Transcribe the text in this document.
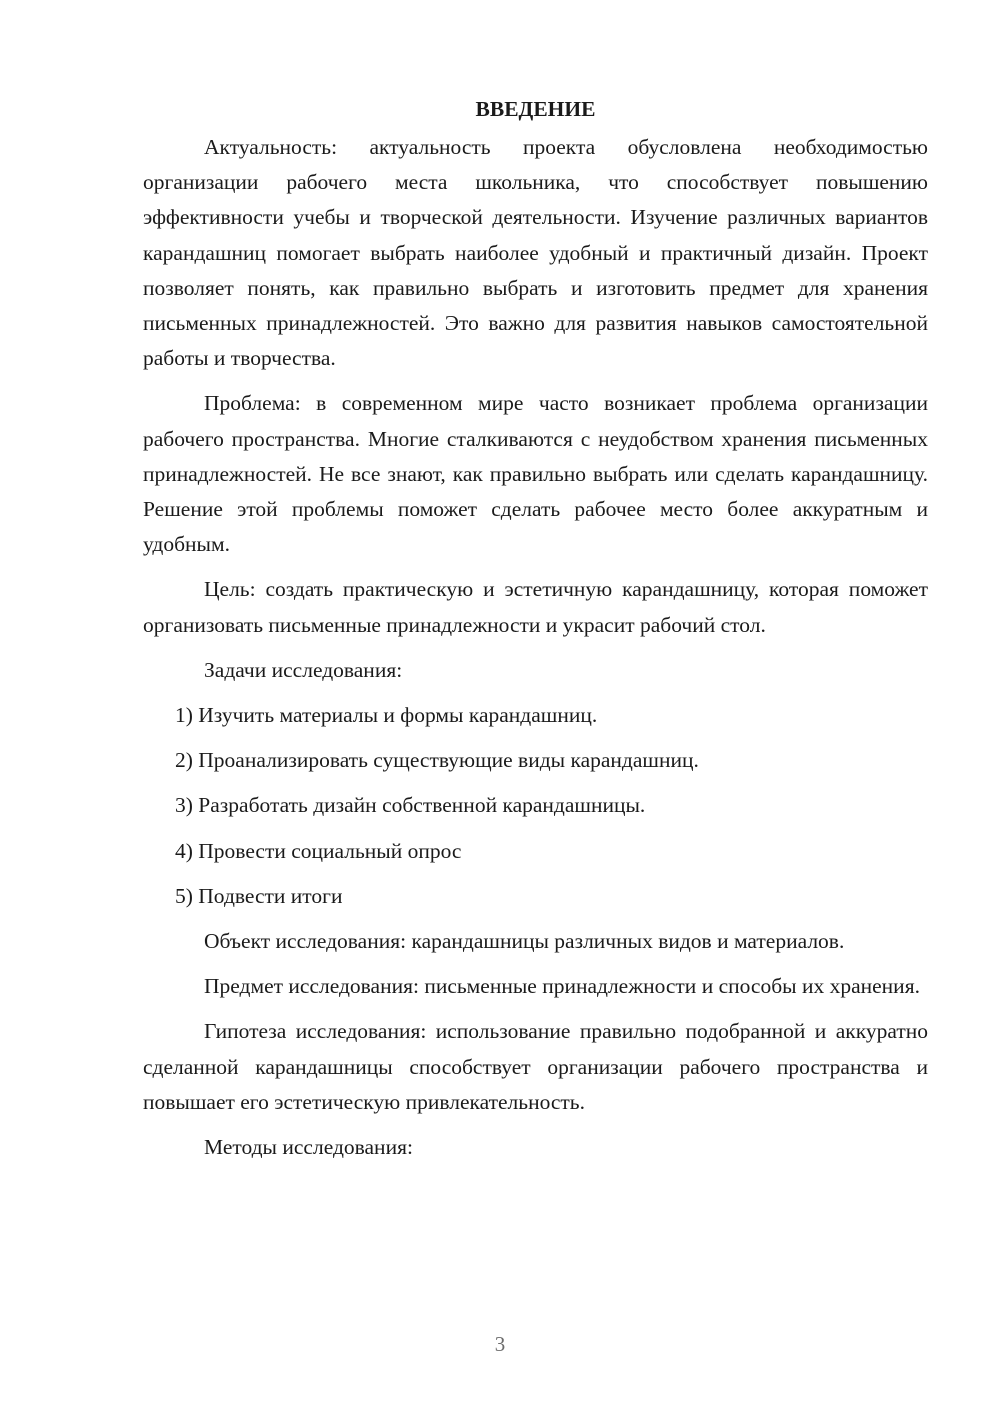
ВВЕДЕНИЕ

Актуальность: актуальность проекта обусловлена необходимостью организации рабочего места школьника, что способствует повышению эффективности учебы и творческой деятельности. Изучение различных вариантов карандашниц помогает выбрать наиболее удобный и практичный дизайн. Проект позволяет понять, как правильно выбрать и изготовить предмет для хранения письменных принадлежностей. Это важно для развития навыков самостоятельной работы и творчества.

Проблема: в современном мире часто возникает проблема организации рабочего пространства. Многие сталкиваются с неудобством хранения письменных принадлежностей. Не все знают, как правильно выбрать или сделать карандашницу. Решение этой проблемы поможет сделать рабочее место более аккуратным и удобным.

Цель: создать практическую и эстетичную карандашницу, которая поможет организовать письменные принадлежности и украсит рабочий стол.

Задачи исследования:

1) Изучить материалы и формы карандашниц.

2) Проанализировать существующие виды карандашниц.

3) Разработать дизайн собственной карандашницы.

4) Провести социальный опрос

5) Подвести итоги

Объект исследования: карандашницы различных видов и материалов.

Предмет исследования: письменные принадлежности и способы их хранения.

Гипотеза исследования: использование правильно подобранной и аккуратно сделанной карандашницы способствует организации рабочего пространства и повышает его эстетическую привлекательность.

Методы исследования:

3
